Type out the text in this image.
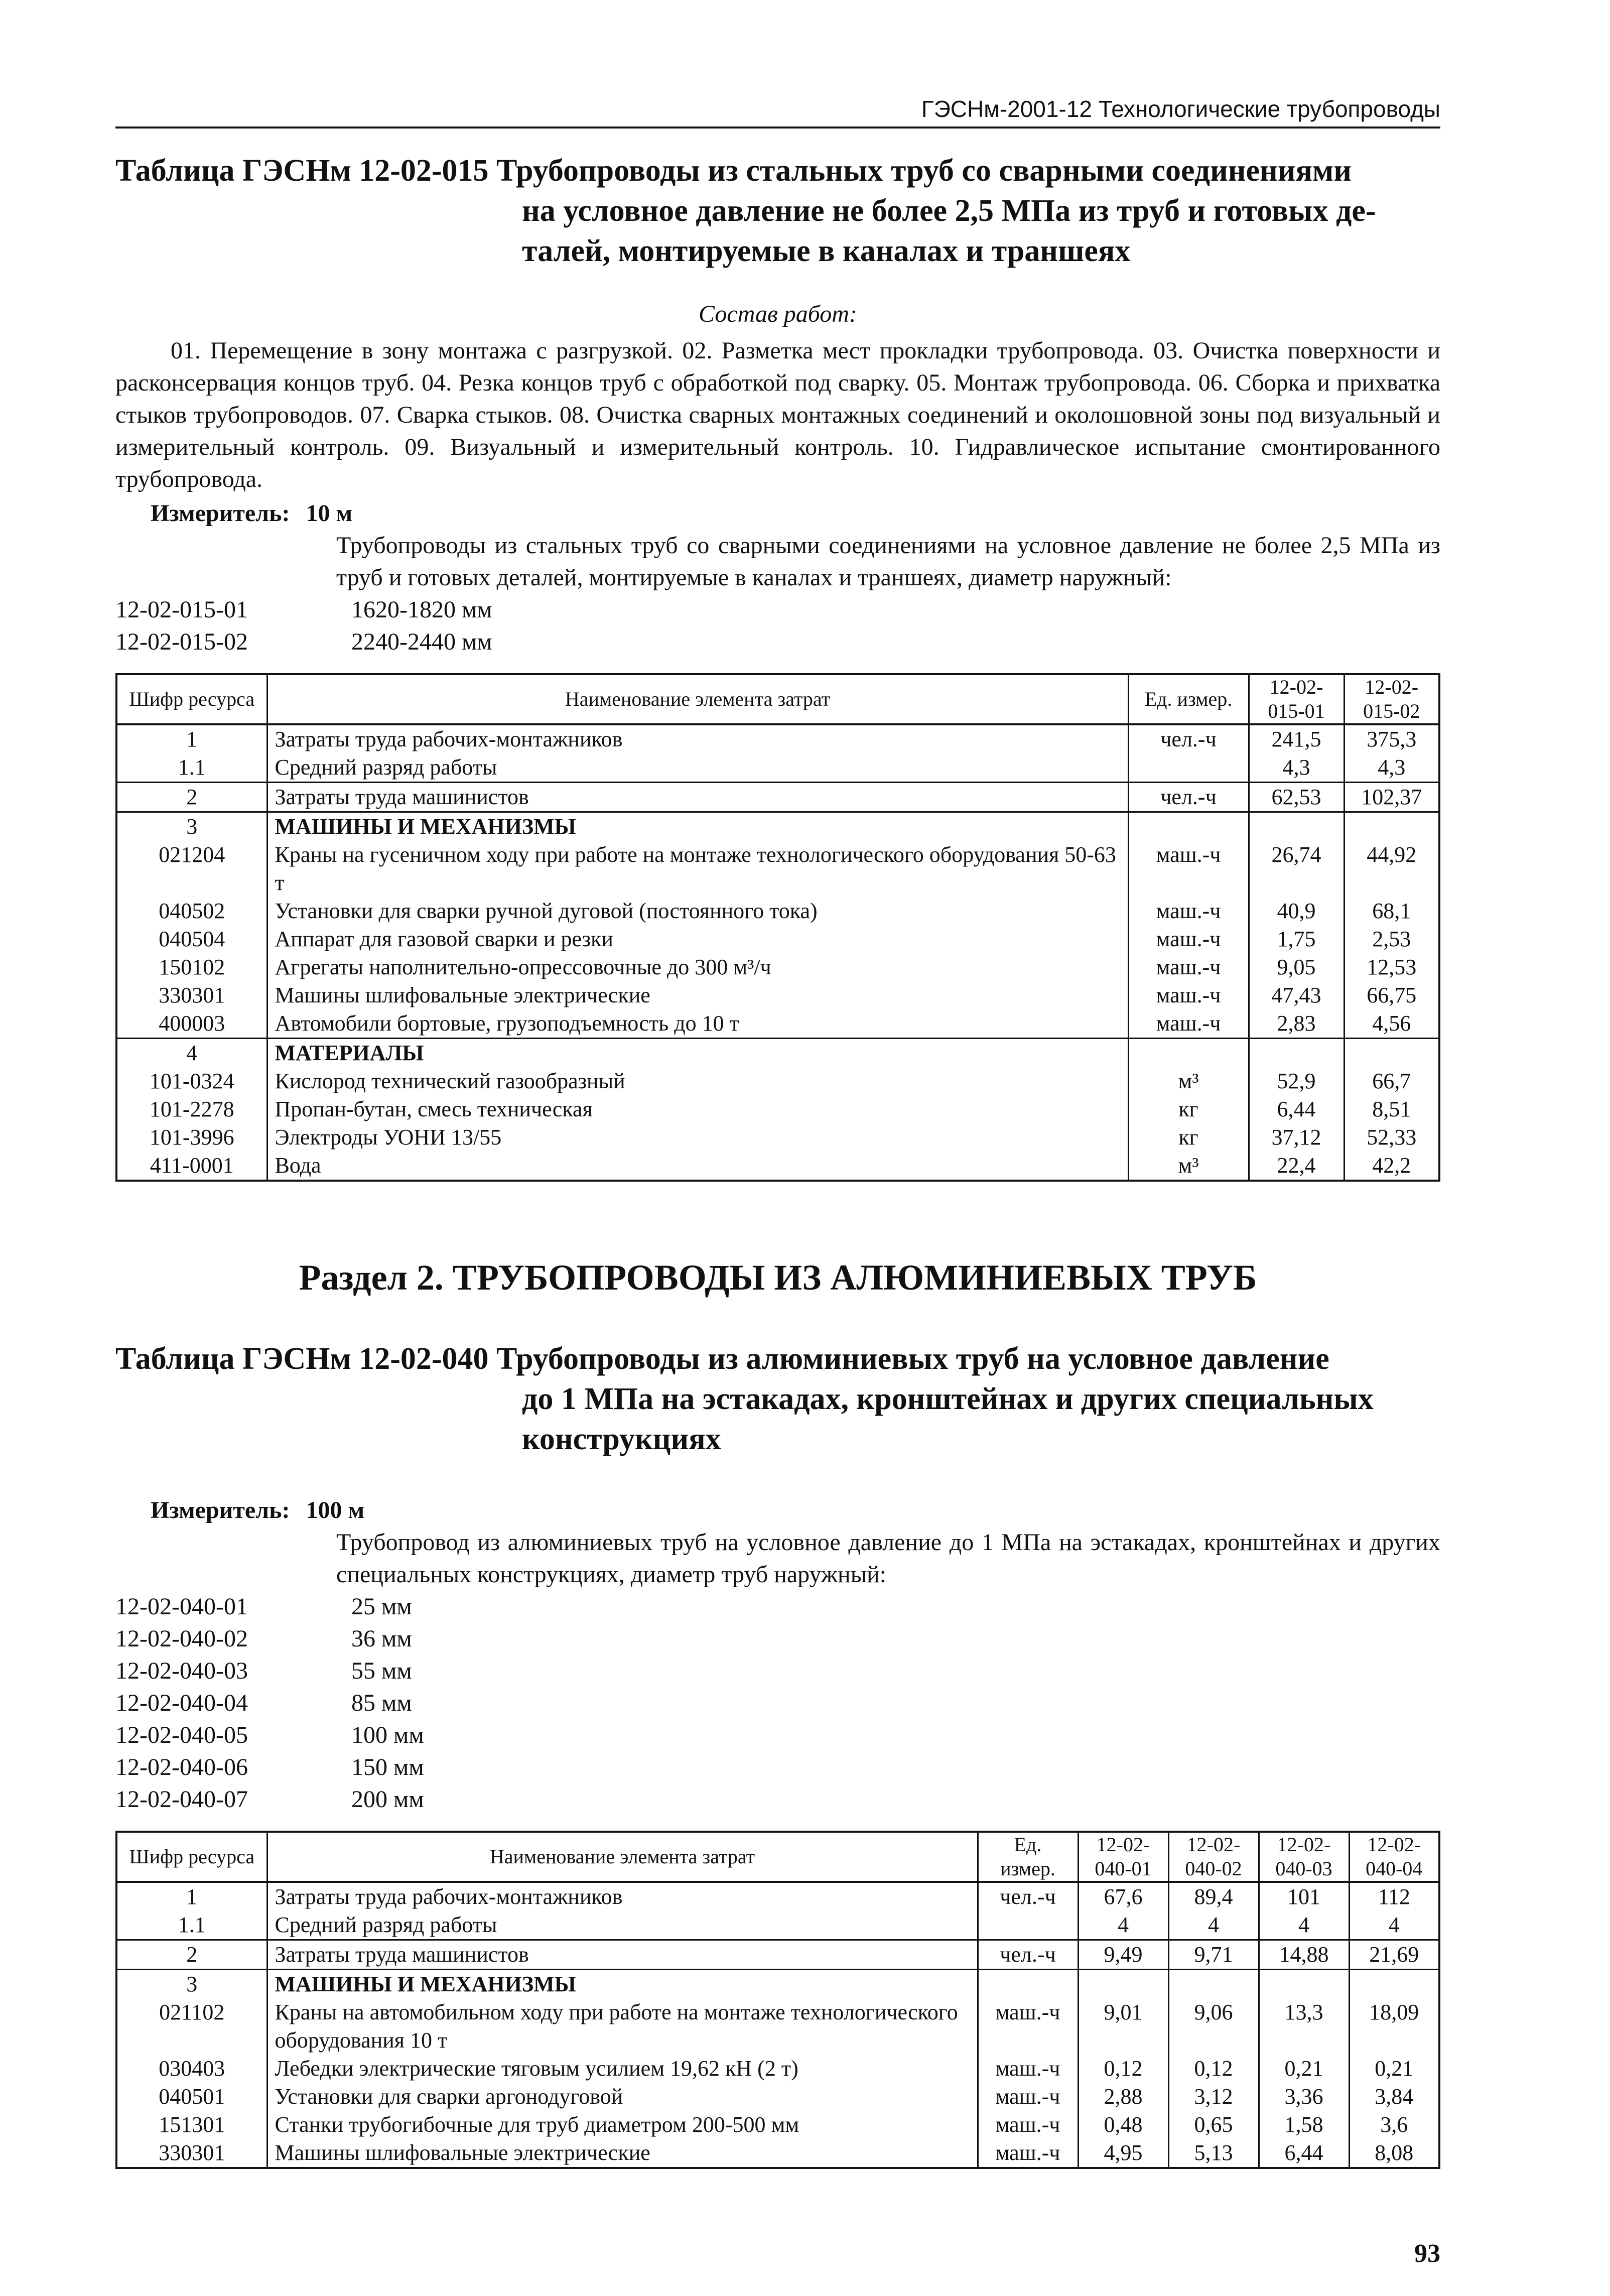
ГЭСНм-2001-12 Технологические трубопроводы
Таблица ГЭСНм 12-02-015 Трубопроводы из стальных труб со сварными соединениями
на условное давление не более 2,5 МПа из труб и готовых де-
талей, монтируемые в каналах и траншеях
Состав работ:
01. Перемещение в зону монтажа с разгрузкой. 02. Разметка мест прокладки трубопровода. 03. Очистка поверхности и расконсервация концов труб. 04. Резка концов труб с обработкой под сварку. 05. Монтаж трубопровода. 06. Сборка и прихватка стыков трубопроводов. 07. Сварка стыков. 08. Очистка сварных монтажных соединений и околошовной зоны под визуальный и измерительный контроль. 09. Визуальный и измерительный контроль. 10. Гидравлическое испытание смонтированного трубопровода.
Измеритель: 10 м
Трубопроводы из стальных труб со сварными соединениями на условное давление не более 2,5 МПа из труб и готовых деталей, монтируемые в каналах и траншеях, диаметр наружный:
12-02-015-01	1620-1820 мм
12-02-015-02	2240-2440 мм
Шифр ресурса	Наименование элемента затрат	Ед. измер.	12-02-015-01	12-02-015-02
1	Затраты труда рабочих-монтажников	чел.-ч	241,5	375,3
1.1	Средний разряд работы		4,3	4,3
2	Затраты труда машинистов	чел.-ч	62,53	102,37
3	МАШИНЫ И МЕХАНИЗМЫ			
021204	Краны на гусеничном ходу при работе на монтаже технологического оборудования 50-63 т	маш.-ч	26,74	44,92
040502	Установки для сварки ручной дуговой (постоянного тока)	маш.-ч	40,9	68,1
040504	Аппарат для газовой сварки и резки	маш.-ч	1,75	2,53
150102	Агрегаты наполнительно-опрессовочные до 300 м³/ч	маш.-ч	9,05	12,53
330301	Машины шлифовальные электрические	маш.-ч	47,43	66,75
400003	Автомобили бортовые, грузоподъемность до 10 т	маш.-ч	2,83	4,56
4	МАТЕРИАЛЫ			
101-0324	Кислород технический газообразный	м³	52,9	66,7
101-2278	Пропан-бутан, смесь техническая	кг	6,44	8,51
101-3996	Электроды УОНИ 13/55	кг	37,12	52,33
411-0001	Вода	м³	22,4	42,2
Раздел 2. ТРУБОПРОВОДЫ ИЗ АЛЮМИНИЕВЫХ ТРУБ
Таблица ГЭСНм 12-02-040 Трубопроводы из алюминиевых труб на условное давление
до 1 МПа на эстакадах, кронштейнах и других специальных
конструкциях
Измеритель: 100 м
Трубопровод из алюминиевых труб на условное давление до 1 МПа на эстакадах, кронштейнах и других специальных конструкциях, диаметр труб наружный:
12-02-040-01	25 мм
12-02-040-02	36 мм
12-02-040-03	55 мм
12-02-040-04	85 мм
12-02-040-05	100 мм
12-02-040-06	150 мм
12-02-040-07	200 мм
Шифр ресурса	Наименование элемента затрат	Ед. измер.	12-02-040-01	12-02-040-02	12-02-040-03	12-02-040-04
1	Затраты труда рабочих-монтажников	чел.-ч	67,6	89,4	101	112
1.1	Средний разряд работы		4	4	4	4
2	Затраты труда машинистов	чел.-ч	9,49	9,71	14,88	21,69
3	МАШИНЫ И МЕХАНИЗМЫ					
021102	Краны на автомобильном ходу при работе на монтаже технологического оборудования 10 т	маш.-ч	9,01	9,06	13,3	18,09
030403	Лебедки электрические тяговым усилием 19,62 кН (2 т)	маш.-ч	0,12	0,12	0,21	0,21
040501	Установки для сварки аргонодуговой	маш.-ч	2,88	3,12	3,36	3,84
151301	Станки трубогибочные для труб диаметром 200-500 мм	маш.-ч	0,48	0,65	1,58	3,6
330301	Машины шлифовальные электрические	маш.-ч	4,95	5,13	6,44	8,08
93
